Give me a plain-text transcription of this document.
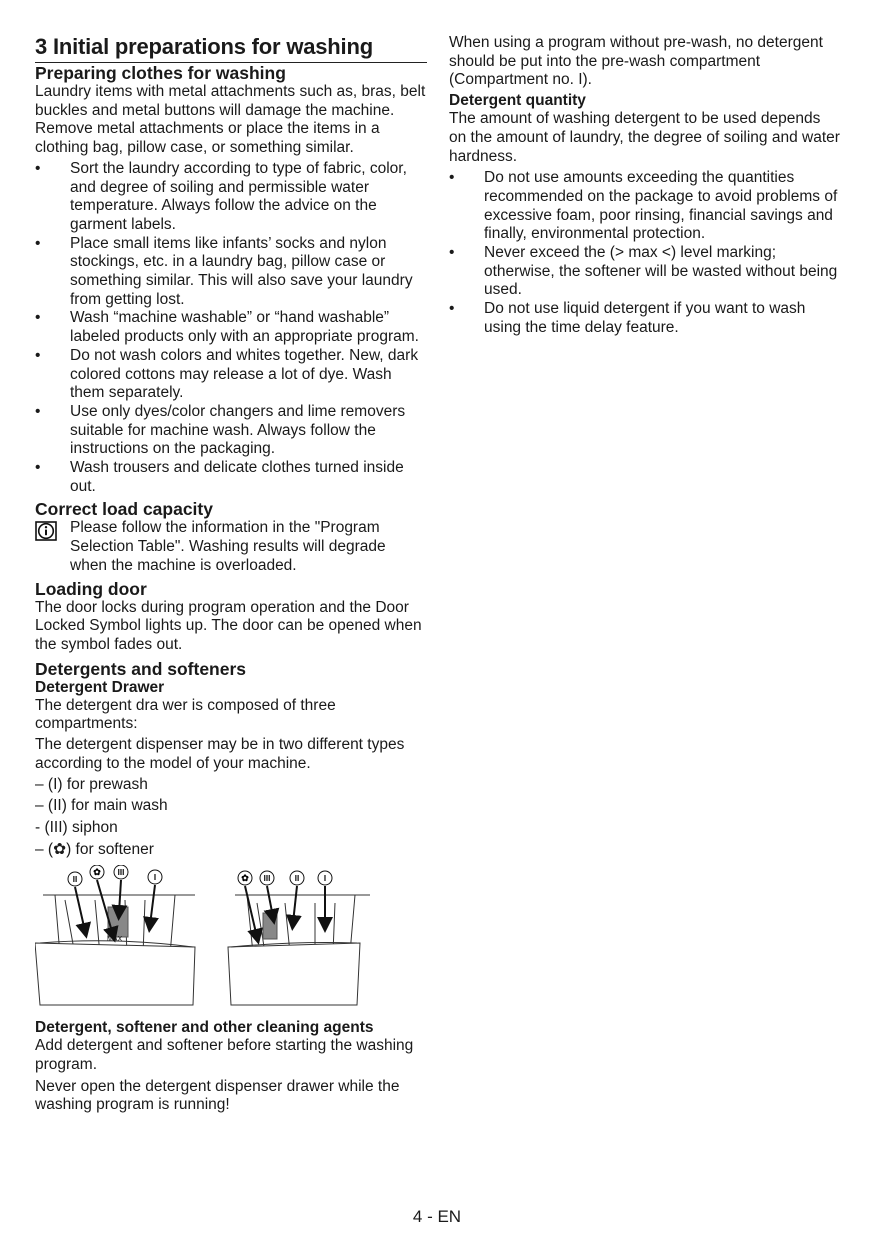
3 Initial preparations for washing
Preparing clothes for washing

Laundry items with metal attachments such as, bras, belt buckles and metal buttons will damage the machine. Remove metal attachments or place the items in a clothing bag, pillow case, or something similar.

• Sort the laundry according to type of fabric, color, and degree of soiling and permissible water temperature. Always follow the advice on the garment labels.
• Place small items like infants’ socks and nylon stockings, etc. in a laundry bag, pillow case or something similar. This will also save your laundry from getting lost.
• Wash “machine washable” or “hand washable” labeled products only with an appropriate program.
• Do not wash colors and whites together. New, dark colored cottons may release a lot of dye. Wash them separately.
• Use only dyes/color changers and lime removers suitable for machine wash. Always follow the instructions on the packaging.
• Wash trousers and delicate clothes turned inside out.
Correct load capacity

Please follow the information in the "Program Selection Table". Washing results will degrade when the machine is overloaded.

Loading door

The door locks during program operation and the Door Locked Symbol lights up. The door can be opened when the symbol fades out.

Detergents and softeners
Detergent Drawer

The detergent dra wer is composed of three compartments:

The detergent dispenser may be in two different types according to the model of your machine.

– (I) for prewash
– (II) for main wash
- (III) siphon
– (✿) for softener
MAX
II
✿ III
I	✿ III	II	I
Detergent, softener and other cleaning agents

Add detergent and softener before starting the washing program.

Never open the detergent dispenser drawer while the washing program is running!

When using a program without pre-wash, no detergent should be put into the pre-wash compartment (Compartment no. I).

Detergent quantity

The amount of washing detergent to be used depends on the amount of laundry, the degree of soiling and water hardness.

• Do not use amounts exceeding the quantities recommended on the package to avoid problems of excessive foam, poor rinsing, financial savings and finally, environmental protection.
• Never exceed the (> max <) level marking; otherwise, the softener will be wasted without being used.
• Do not use liquid detergent if you want to wash using the time delay feature.
4 - EN
